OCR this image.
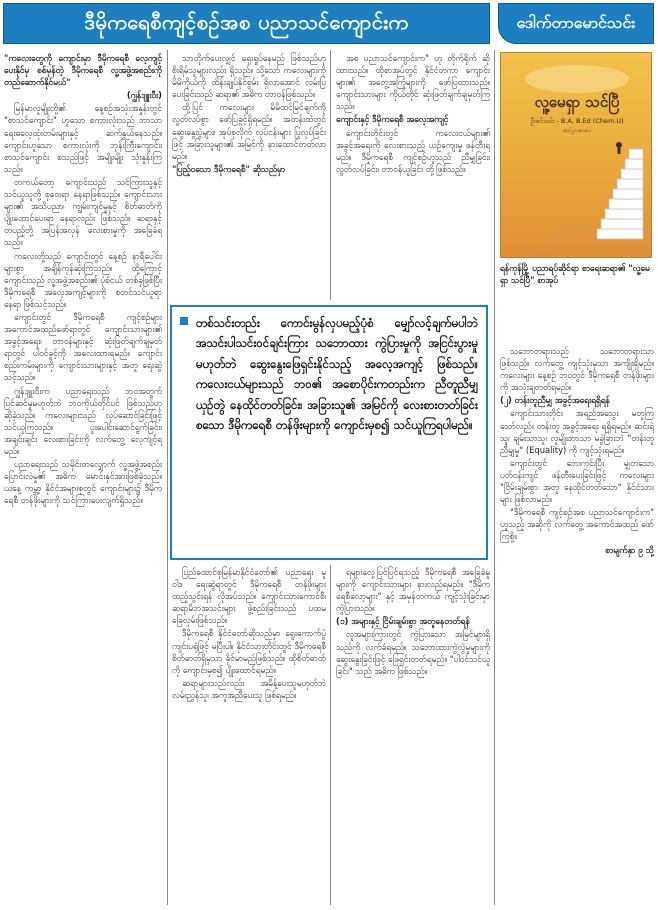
ဒီမိုကရေစီကျင့်စဉ်အစ ပညာသင်ကျောင်းက	ဒေါက်တာမောင်သင်း

"ကလေးတွေကို ကျောင်းမှာ ဒီမိုကရေစီ လေ့ကျင့်ပေးနိုင်မှ စစ်မှန်တဲ့ ဒီမိုကရေစီ လူ့အဖွဲ့အစည်းကို တည်ဆောက်နိုင်မယ်"

(ဂျွန်ဒျူးဝီး)

မြန်မာလူမျိုးတို့၏ နေ့စဉ်အသုံးအနှုန်းတွင် "စာသင်ကျောင်း" ဟူသော စကားလုံးသည် ဘာသာရေးဓလေ့ထုံးတမ်းများနှင့် ဆက်နွှယ်နေသည်။ ကျောင်းဟူသော စကားလုံးကို ဘုန်းကြီးကျောင်း၊ စာသင်ကျောင်း စသည်ဖြင့် အမျိုးမျိုး သုံးနှုန်းကြသည်။

တကယ်တော့ ကျောင်းသည် သင်ကြားသူနှင့် သင်ယူသူတို့ စုဝေးရာ နေရာဖြစ်သည်။ ကျောင်းသားများ၏ အသိပညာ၊ ကျွမ်းကျင်မှုနှင့် စိတ်ဓာတ်ကို ပျိုးထောင်ပေးရာ နေရာလည်း ဖြစ်သည်။ ဆရာနှင့် တပည့်တို့ အပြန်အလှန် လေးစားမှုကို အခြေခံရသည်။

ကလေးတို့သည် ကျောင်းတွင် နေ့စဉ် နာရီပေါင်းများစွာ အချိန်ကုန်ဆုံးကြသည်။ ထို့ကြောင့် ကျောင်းသည် လူ့အဖွဲ့အစည်း၏ ပုံစံငယ် တစ်ခုဖြစ်ပြီး ဒီမိုကရေစီ အလေ့အကျင့်များကို စတင်သင်ယူရာ နေရာ ဖြစ်သင့်သည်။

ကျောင်းတွင် ဒီမိုကရေစီ ကျင့်စဉ်များ အကောင်အထည်ဖော်ရာတွင် ကျောင်းသားများ၏ အခွင့်အရေး၊ တာဝန်များနှင့် ဆုံးဖြတ်ချက်ချမှတ်ရာတွင် ပါဝင်ခွင့်ကို အလေးထားရမည်။ ကျောင်းစည်းကမ်းများကို ကျောင်းသားများနှင့် အတူ ရေးဆွဲသင့်သည်။

ဂျွန်ဒျူးဝီးက ပညာရေးသည် ဘဝအတွက် ပြင်ဆင်မှုမဟုတ်ဘဲ ဘဝကိုယ်တိုင်ပင် ဖြစ်သည်ဟု ဆိုခဲ့သည်။ ကလေးများသည် လုပ်ဆောင်ခြင်းဖြင့် သင်ယူကြသည်။ ပူးပေါင်းဆောင်ရွက်ခြင်း၊ အချင်းချင်း လေးစားခြင်းကို လက်တွေ့ လေ့ကျင့်ရမည်။

ပညာရေးသည် သမိုင်းတလျှောက် လူ့အဖွဲ့အစည်း ပြောင်းလဲမှု၏ အဓိက မောင်းနှင်အားဖြစ်ခဲ့သည်။ ယနေ့ ကမ္ဘာ့ နိုင်ငံအများစုတွင် ကျောင်းများ၌ ဒီမိုကရေစီ တန်ဖိုးများကို သင်ကြားပေးလျက်ရှိသည်။

သာတိုက်ပေးလျှင် ရှေးရှုပ်နေမည် ဖြစ်သည်ဟု စိုးရိမ်သူများလည်း ရှိသည်။ သို့သော် ကလေးများကို မိမိကိုယ်ကို ထိန်းချုပ်နိုင်စွမ်း ရှိလာအောင် လမ်းပြပေးခြင်းသည် ဆရာ၏ အဓိက တာဝန်ဖြစ်သည်။

ထို့ပြင် ကလေးများ မိမိထင်မြင်ချက်ကို လွတ်လပ်စွာ ဖော်ပြခွင့်ရှိရမည်။ အတန်းထဲတွင် ဆွေးနွေးပွဲများ၊ အုပ်စုလိုက် လုပ်ငန်းများ ပြုလုပ်ခြင်းဖြင့် အခြားသူများ၏ အမြင်ကို နားထောင်တတ်လာမည်။

"ပြည့်ဝသော ဒီမိုကရေစီ" ဆိုသည်မှာ

အစ ပညာသင်ကျောင်းက" ဟု တိုက်ရိုက် ဆိုထားသည်။ ထိုစာအုပ်တွင် နိုင်ငံတကာ ကျောင်းများ၏ အတွေ့အကြုံများကို ဖော်ပြထားသည်။ ကျောင်းသားများ ကိုယ်တိုင် ဆုံးဖြတ်ချက်ချမှတ်ကြသည်။

ကျောင်းနှင့် ဒီမိုကရေစီ အလေ့အကျင့်

ကျောင်းတိုင်းတွင် ကလေးငယ်များ၏ အခွင့်အရေးကို လေးစားသည့် ယဉ်ကျေးမှု ဖန်တီးရမည်။ ဒီမိုကရေစီ ကျင့်စဉ်ဟူသည် ညီမျှခြင်း၊ လွတ်လပ်ခြင်း၊ တာဝန်ယူခြင်း တို့ဖြစ်သည်။

ပြည်ထောင်စုမြန်မာနိုင်ငံတော်၏ ပညာရေး မူဝါဒ ရေးဆွဲရာတွင် ဒီမိုကရေစီ တန်ဖိုးများ ထည့်သွင်းရန် လိုအပ်သည်။ ကျောင်းသားကောင်စီ၊ ဆရာမိဘအသင်းများ ဖွဲ့စည်းခြင်းသည် ပထမ ခြေလှမ်းဖြစ်သည်။

ဒီမိုကရေစီ နိုင်ငံတော်ဆိုသည်မှာ ရွေးကောက်ပွဲ ကျင်းပရုံဖြင့် မပြီးပါ။ နိုင်ငံသားတိုင်းတွင် ဒီမိုကရေစီ စိတ်ဓာတ်ရှိမှသာ ခိုင်မာမည်ဖြစ်သည်။ ထိုစိတ်ဓာတ်ကို ကျောင်းမှစ၍ ပျိုးထောင်ရမည်။

ဆရာများသည်လည်း အမိန့်ပေးသူမဟုတ်ဘဲ လမ်းညွှန်သူ၊ အကူအညီပေးသူ ဖြစ်ရမည်။

ရများလှေ့ပြင်ပြင်ရသည့် ဒီမိုကရေစီ အခြေခံမူများကို ကျောင်းသားများ နားလည်ရမည်။ "ဒီမိုကရေစီလော့များ" နှင့် အမှန်တကယ် ကျင့်သုံးခြင်းမှာ ကွဲပြားသည်။

(၁) အများနှင့် ငြိမ်းချမ်းစွာ အတူနေတတ်ရန်

လူအများကြားတွင် ကွဲပြားသော အမြင်များရှိသည်ကို လက်ခံရမည်။ သဘောထားကွဲလွဲမှုများကို ဆွေးနွေးခြင်းဖြင့် ဖြေရှင်းတတ်ရမည်။ "ပါဝင်သင်ယူခြင်း" သည် အဓိက ဖြစ်သည်။

သဘောတရားသည် သဘောတရားသာ ဖြစ်သည်။ လက်တွေ့ ကျင့်သုံးမှသာ အကျိုးရှိမည်။ ကလေးများ နေ့စဉ် ဘဝတွင် ဒီမိုကရေစီ တန်ဖိုးများကို အသုံးချတတ်ရမည်။

(၂) တန်းတူညီမျှ အခွင့်အရေးရရှိရန်

ကျောင်းသားတိုင်း အရည်အသွေး မတူကြသော်လည်း တန်းတူ အခွင့်အရေး ရရှိရမည်။ ဆင်းရဲသူ၊ ချမ်းသာသူ၊ လူမျိုးဘာသာ မခွဲခြားဘဲ "တန်းတူညီမျှမှု" (Equality) ကို ကျင့်သုံးရမည်။

ကျောင်းတွင် ဘေးကင်းပြီး မျှတသော ပတ်ဝန်းကျင် ဖန်တီးပေးခြင်းဖြင့် ကလေးများ "ငြိမ်းချမ်းစွာ အတူ နေထိုင်တတ်သော" နိုင်ငံသားများ ဖြစ်လာမည်။

"ဒီမိုကရေစီ ကျင့်စဉ်အစ ပညာသင်ကျောင်းက" ဟူသည့် အဆိုကို လက်တွေ့ အကောင်အထည် ဖော်ကြစို့။

စာမျက်နှာ ၉ သို့

လူ့မေရှာ သင်ပြီ
ဦးစင်သင်း - B.A, B.Ed (Chem.U)
ဆင့်ပွားစာပေ
ရန်ကုန်မြို့ ပညာရပ်ဆိုင်ရာ စာရေးဆရာ၏ "လူ့မေရှာ သင်ပြီ" စာအုပ်
တစ်သင်းတည်း ကောင်းမွန်လှပမည့်ပုံစံ မျှော်လင့်ချက်မပါဘဲ အသင်းပါသင်းဝင်ချင်းကြား သဘောထား ကွဲပြားမှုကို အငြင်းပွားမှု မဟုတ်ဘဲ ဆွေးနွေးဖြေရှင်းနိုင်သည့် အလေ့အကျင့် ဖြစ်သည်။ ကလေးငယ်များသည် ဘဝ၏ အစောပိုင်းကတည်းက ညီတူညီမျှ ယှဉ်တွဲ နေထိုင်တတ်ခြင်း၊ အခြားသူ၏ အမြင်ကို လေးစားတတ်ခြင်း စသော ဒီမိုကရေစီ တန်ဖိုးများကို ကျောင်းမှစ၍ သင်ယူကြရပါမည်။
